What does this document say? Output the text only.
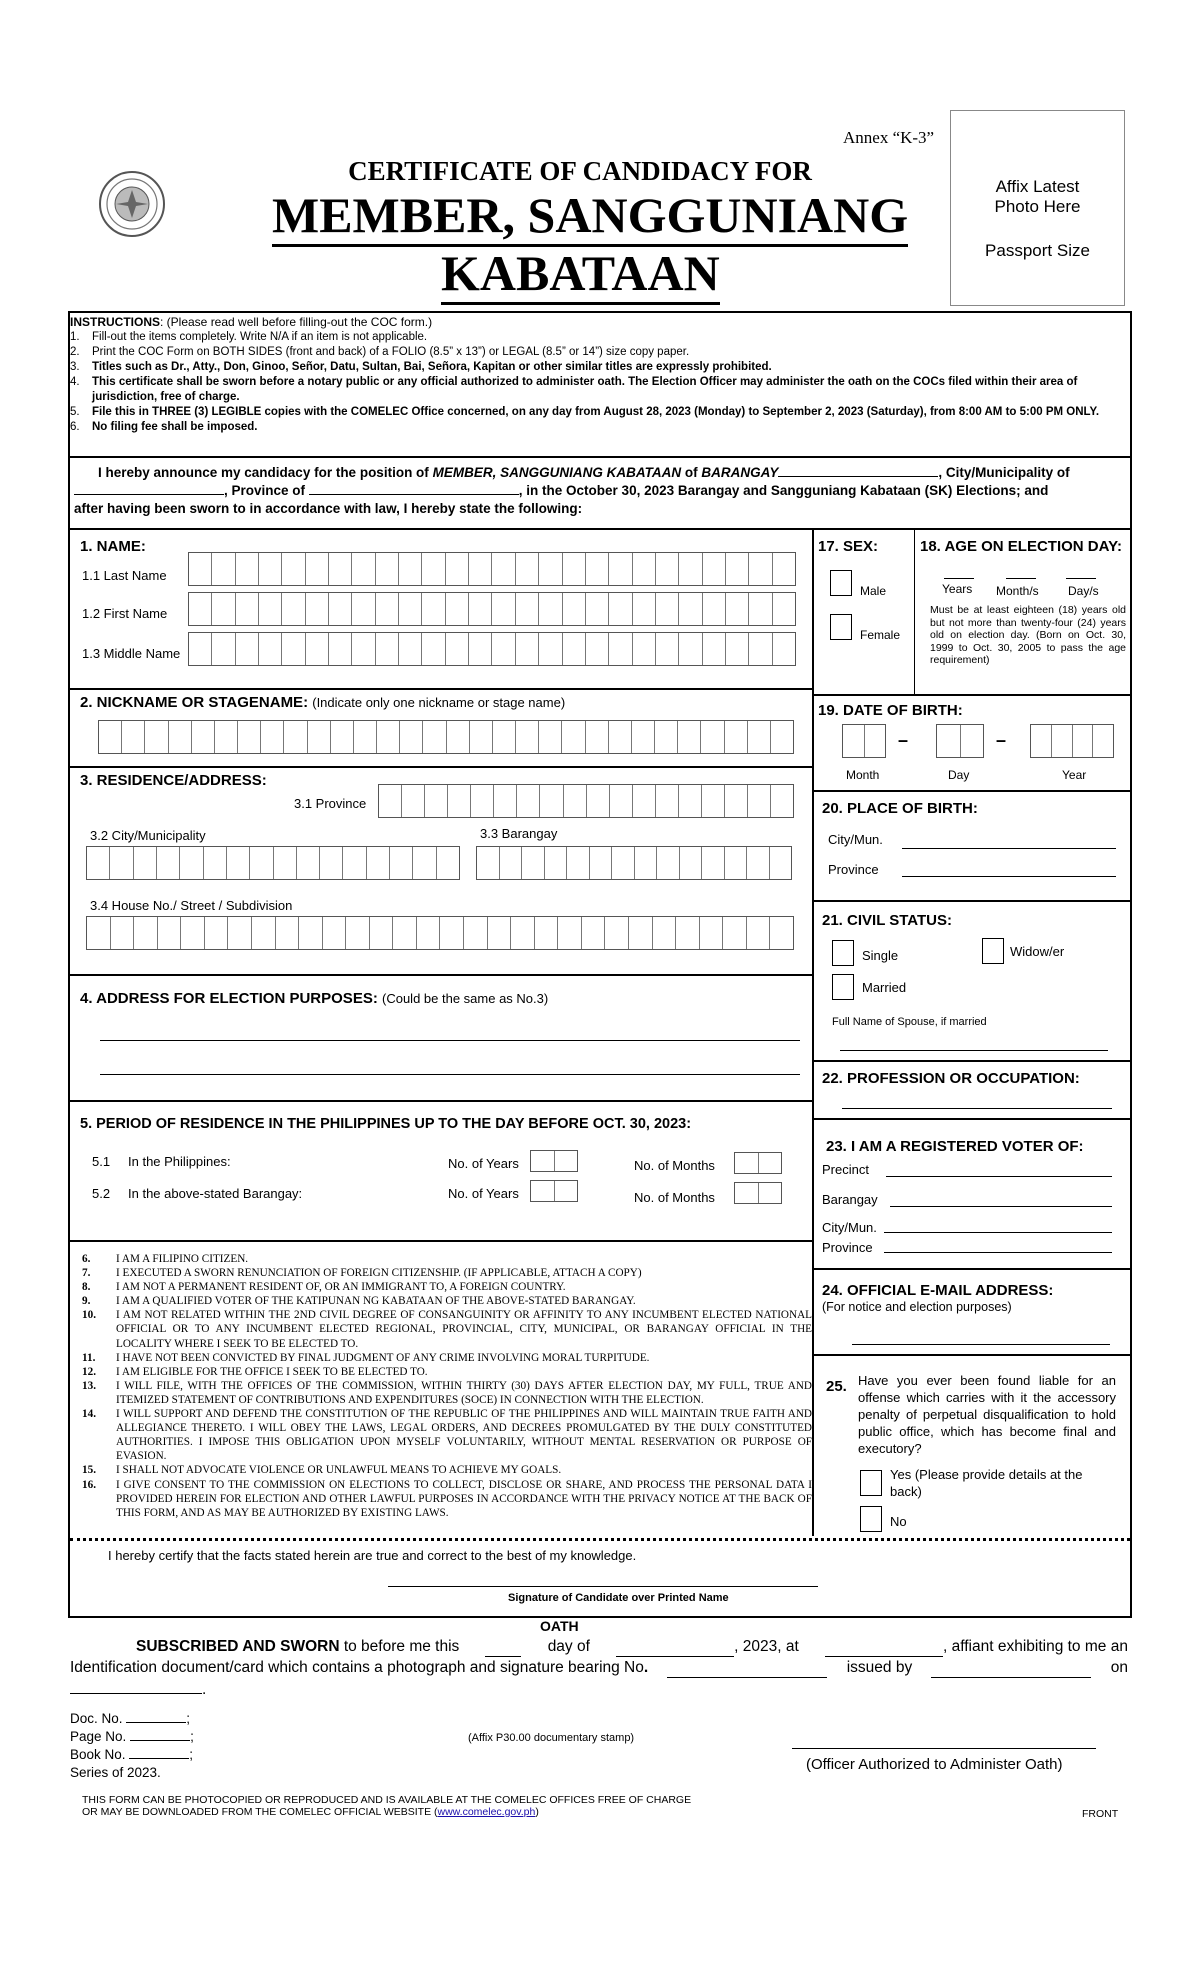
Annex “K-3”
CERTIFICATE OF CANDIDACY FOR
MEMBER, SANGGUNIANG
KABATAAN
Affix Latest
Photo Here
Passport Size
INSTRUCTIONS : (Please read well before filling-out the COC form.)
1.	Fill-out the items completely. Write N/A if an item is not applicable.
2.	Print the COC Form on BOTH SIDES (front and back) of a FOLIO (8.5” x 13”) or LEGAL (8.5” or 14”) size copy paper.
3.	Titles such as Dr., Atty., Don, Ginoo, Señor, Datu, Sultan, Bai, Señora, Kapitan or other similar titles are expressly prohibited.
4.	This certificate shall be sworn before a notary public or any official authorized to administer oath. The Election Officer may administer the oath on the COCs filed within their area of jurisdiction, free of charge.
5.	File this in THREE (3) LEGIBLE copies with the COMELEC Office concerned, on any day from August 28, 2023 (Monday) to September 2, 2023 (Saturday), from 8:00 AM to 5:00 PM ONLY.
6.	No filing fee shall be imposed.
I hereby announce my candidacy for the position of MEMBER, SANGGUNIANG KABATAAN of BARANGAY	, City/Municipality of
, Province of	, in the October 30, 2023 Barangay and Sangguniang Kabataan (SK) Elections; and
after having been sworn to in accordance with law, I hereby state the following:
1. NAME:
1.1 Last Name
1.2 First Name
1.3 Middle Name
2. NICKNAME OR STAGENAME: (Indicate only one nickname or stage name)
3. RESIDENCE/ADDRESS:
3.1 Province
3.2 City/Municipality	3.3 Barangay
3.4 House No./ Street / Subdivision
4. ADDRESS FOR ELECTION PURPOSES: (Could be the same as No.3)
5. PERIOD OF RESIDENCE IN THE PHILIPPINES UP TO THE DAY BEFORE OCT. 30, 2023:
5.1 In the Philippines:	No. of Years	No. of Months
5.2 In the above-stated Barangay:	No. of Years	No. of Months
6.	I AM A FILIPINO CITIZEN.
7.	I EXECUTED A SWORN RENUNCIATION OF FOREIGN CITIZENSHIP. (IF APPLICABLE, ATTACH A COPY)
8.	I AM NOT A PERMANENT RESIDENT OF, OR AN IMMIGRANT TO, A FOREIGN COUNTRY.
9.	I AM A QUALIFIED VOTER OF THE KATIPUNAN NG KABATAAN OF THE ABOVE-STATED BARANGAY.
10.	I AM NOT RELATED WITHIN THE 2ND CIVIL DEGREE OF CONSANGUINITY OR AFFINITY TO ANY INCUMBENT ELECTED NATIONAL OFFICIAL OR TO ANY INCUMBENT ELECTED REGIONAL, PROVINCIAL, CITY, MUNICIPAL, OR BARANGAY OFFICIAL IN THE LOCALITY WHERE I SEEK TO BE ELECTED TO.
11.	I HAVE NOT BEEN CONVICTED BY FINAL JUDGMENT OF ANY CRIME INVOLVING MORAL TURPITUDE.
12.	I AM ELIGIBLE FOR THE OFFICE I SEEK TO BE ELECTED TO.
13.	I WILL FILE, WITH THE OFFICES OF THE COMMISSION, WITHIN THIRTY (30) DAYS AFTER ELECTION DAY, MY FULL, TRUE AND ITEMIZED STATEMENT OF CONTRIBUTIONS AND EXPENDITURES (SOCE) IN CONNECTION WITH THE ELECTION.
14.	I WILL SUPPORT AND DEFEND THE CONSTITUTION OF THE REPUBLIC OF THE PHILIPPINES AND WILL MAINTAIN TRUE FAITH AND ALLEGIANCE THERETO. I WILL OBEY THE LAWS, LEGAL ORDERS, AND DECREES PROMULGATED BY THE DULY CONSTITUTED AUTHORITIES. I IMPOSE THIS OBLIGATION UPON MYSELF VOLUNTARILY, WITHOUT MENTAL RESERVATION OR PURPOSE OF EVASION.
15.	I SHALL NOT ADVOCATE VIOLENCE OR UNLAWFUL MEANS TO ACHIEVE MY GOALS.
16.	I GIVE CONSENT TO THE COMMISSION ON ELECTIONS TO COLLECT, DISCLOSE OR SHARE, AND PROCESS THE PERSONAL DATA I PROVIDED HEREIN FOR ELECTION AND OTHER LAWFUL PURPOSES IN ACCORDANCE WITH THE PRIVACY NOTICE AT THE BACK OF THIS FORM, AND AS MAY BE AUTHORIZED BY EXISTING LAWS.
17. SEX:
Male
Female
18. AGE ON ELECTION DAY:
Years Month/s Day/s
Must be at least eighteen (18) years old but not more than twenty-four (24) years old on election day. (Born on Oct. 30, 1999 to Oct. 30, 2005 to pass the age requirement)
19. DATE OF BIRTH:
–	–
Month	Day	Year
20. PLACE OF BIRTH:
City/Mun.
Province
21. CIVIL STATUS:
Single	Widow/er
Married
Full Name of Spouse, if married
22. PROFESSION OR OCCUPATION:
23. I AM A REGISTERED VOTER OF:
Precinct
Barangay
City/Mun.
Province
24. OFFICIAL E-MAIL ADDRESS:
(For notice and election purposes)
25. Have you ever been found liable for an offense which carries with it the accessory penalty of perpetual disqualification to hold public office, which has become final and executory?
Yes (Please provide details at the back)
No
I hereby certify that the facts stated herein are true and correct to the best of my knowledge.
Signature of Candidate over Printed Name
OATH
SUBSCRIBED AND SWORN to before me this	day of	, 2023, at	, affiant exhibiting to me an
Identification document/card which contains a photograph and signature bearing No.	issued by	on
.
Doc. No.	;
Page No.	;
Book No.	;
Series of 2023.
(Affix P30.00 documentary stamp)
(Officer Authorized to Administer Oath)
THIS FORM CAN BE PHOTOCOPIED OR REPRODUCED AND IS AVAILABLE AT THE COMELEC OFFICES FREE OF CHARGE
OR MAY BE DOWNLOADED FROM THE COMELEC OFFICIAL WEBSITE (www.comelec.gov.ph)	FRONT
